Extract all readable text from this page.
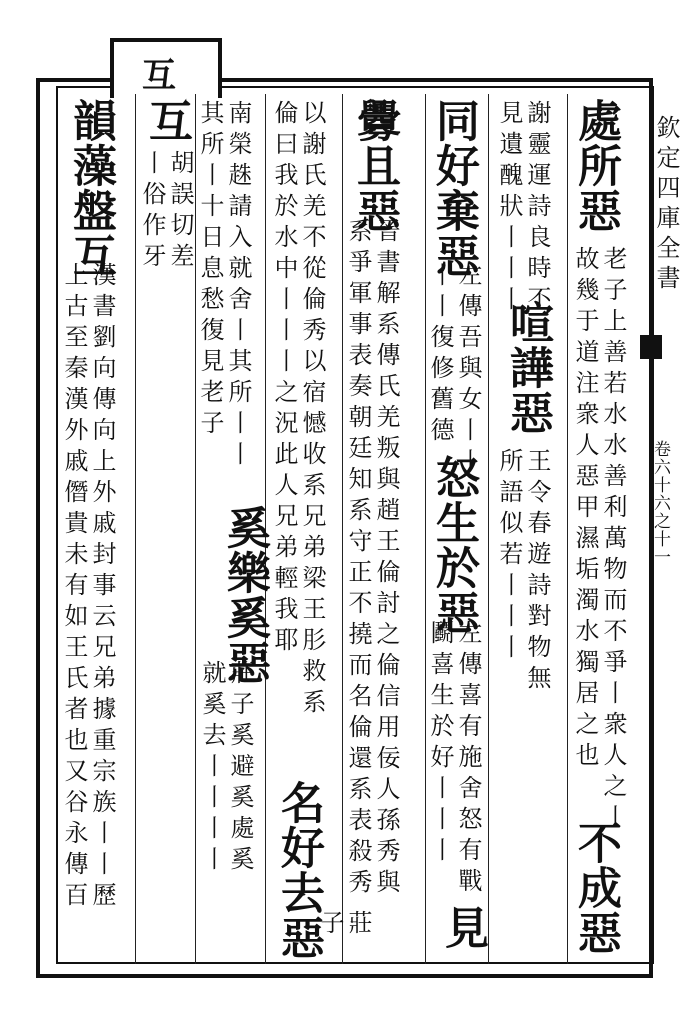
互
欽定四庫全書
卷六十六之十一
處所惡
老子上善若水水善利萬物而不爭丨衆人之丨
故幾于道注衆人惡甲濕垢濁水獨居之也
不成惡
謝靈運詩良時不
見遺醜狀丨丨丨
喧譁惡
王令春遊詩對物無
所語似若丨丨丨
同好棄惡
左傳吾與女丨丨
丨丨復修舊德
怒生於惡
左傳喜有施舍怒有戰
鬬喜生於好丨丨丨
見
釁且惡
晉書解系傳氏羌叛與趙王倫討之倫信用佞人孫秀與
系爭軍事表奏朝廷知系守正不撓而名倫還系表殺秀
以謝氏羌不從倫秀以宿憾收系兄弟梁王肜救系
倫曰我於水中丨丨丨之況此人兄弟輕我耶
南榮趎請入就舍丨其所丨丨
其所丨十日息愁復見老子
名好去惡 莊
子
奚樂奚惡
莊子奚避奚處奚
就奚去丨丨丨丨
互
胡誤切差
丨俗作牙
韻藻盤互
漢書劉向傳向上外戚封事云兄弟據重宗族丨丨歷
上古至秦漢外戚僭貴未有如王氏者也又谷永傳百
